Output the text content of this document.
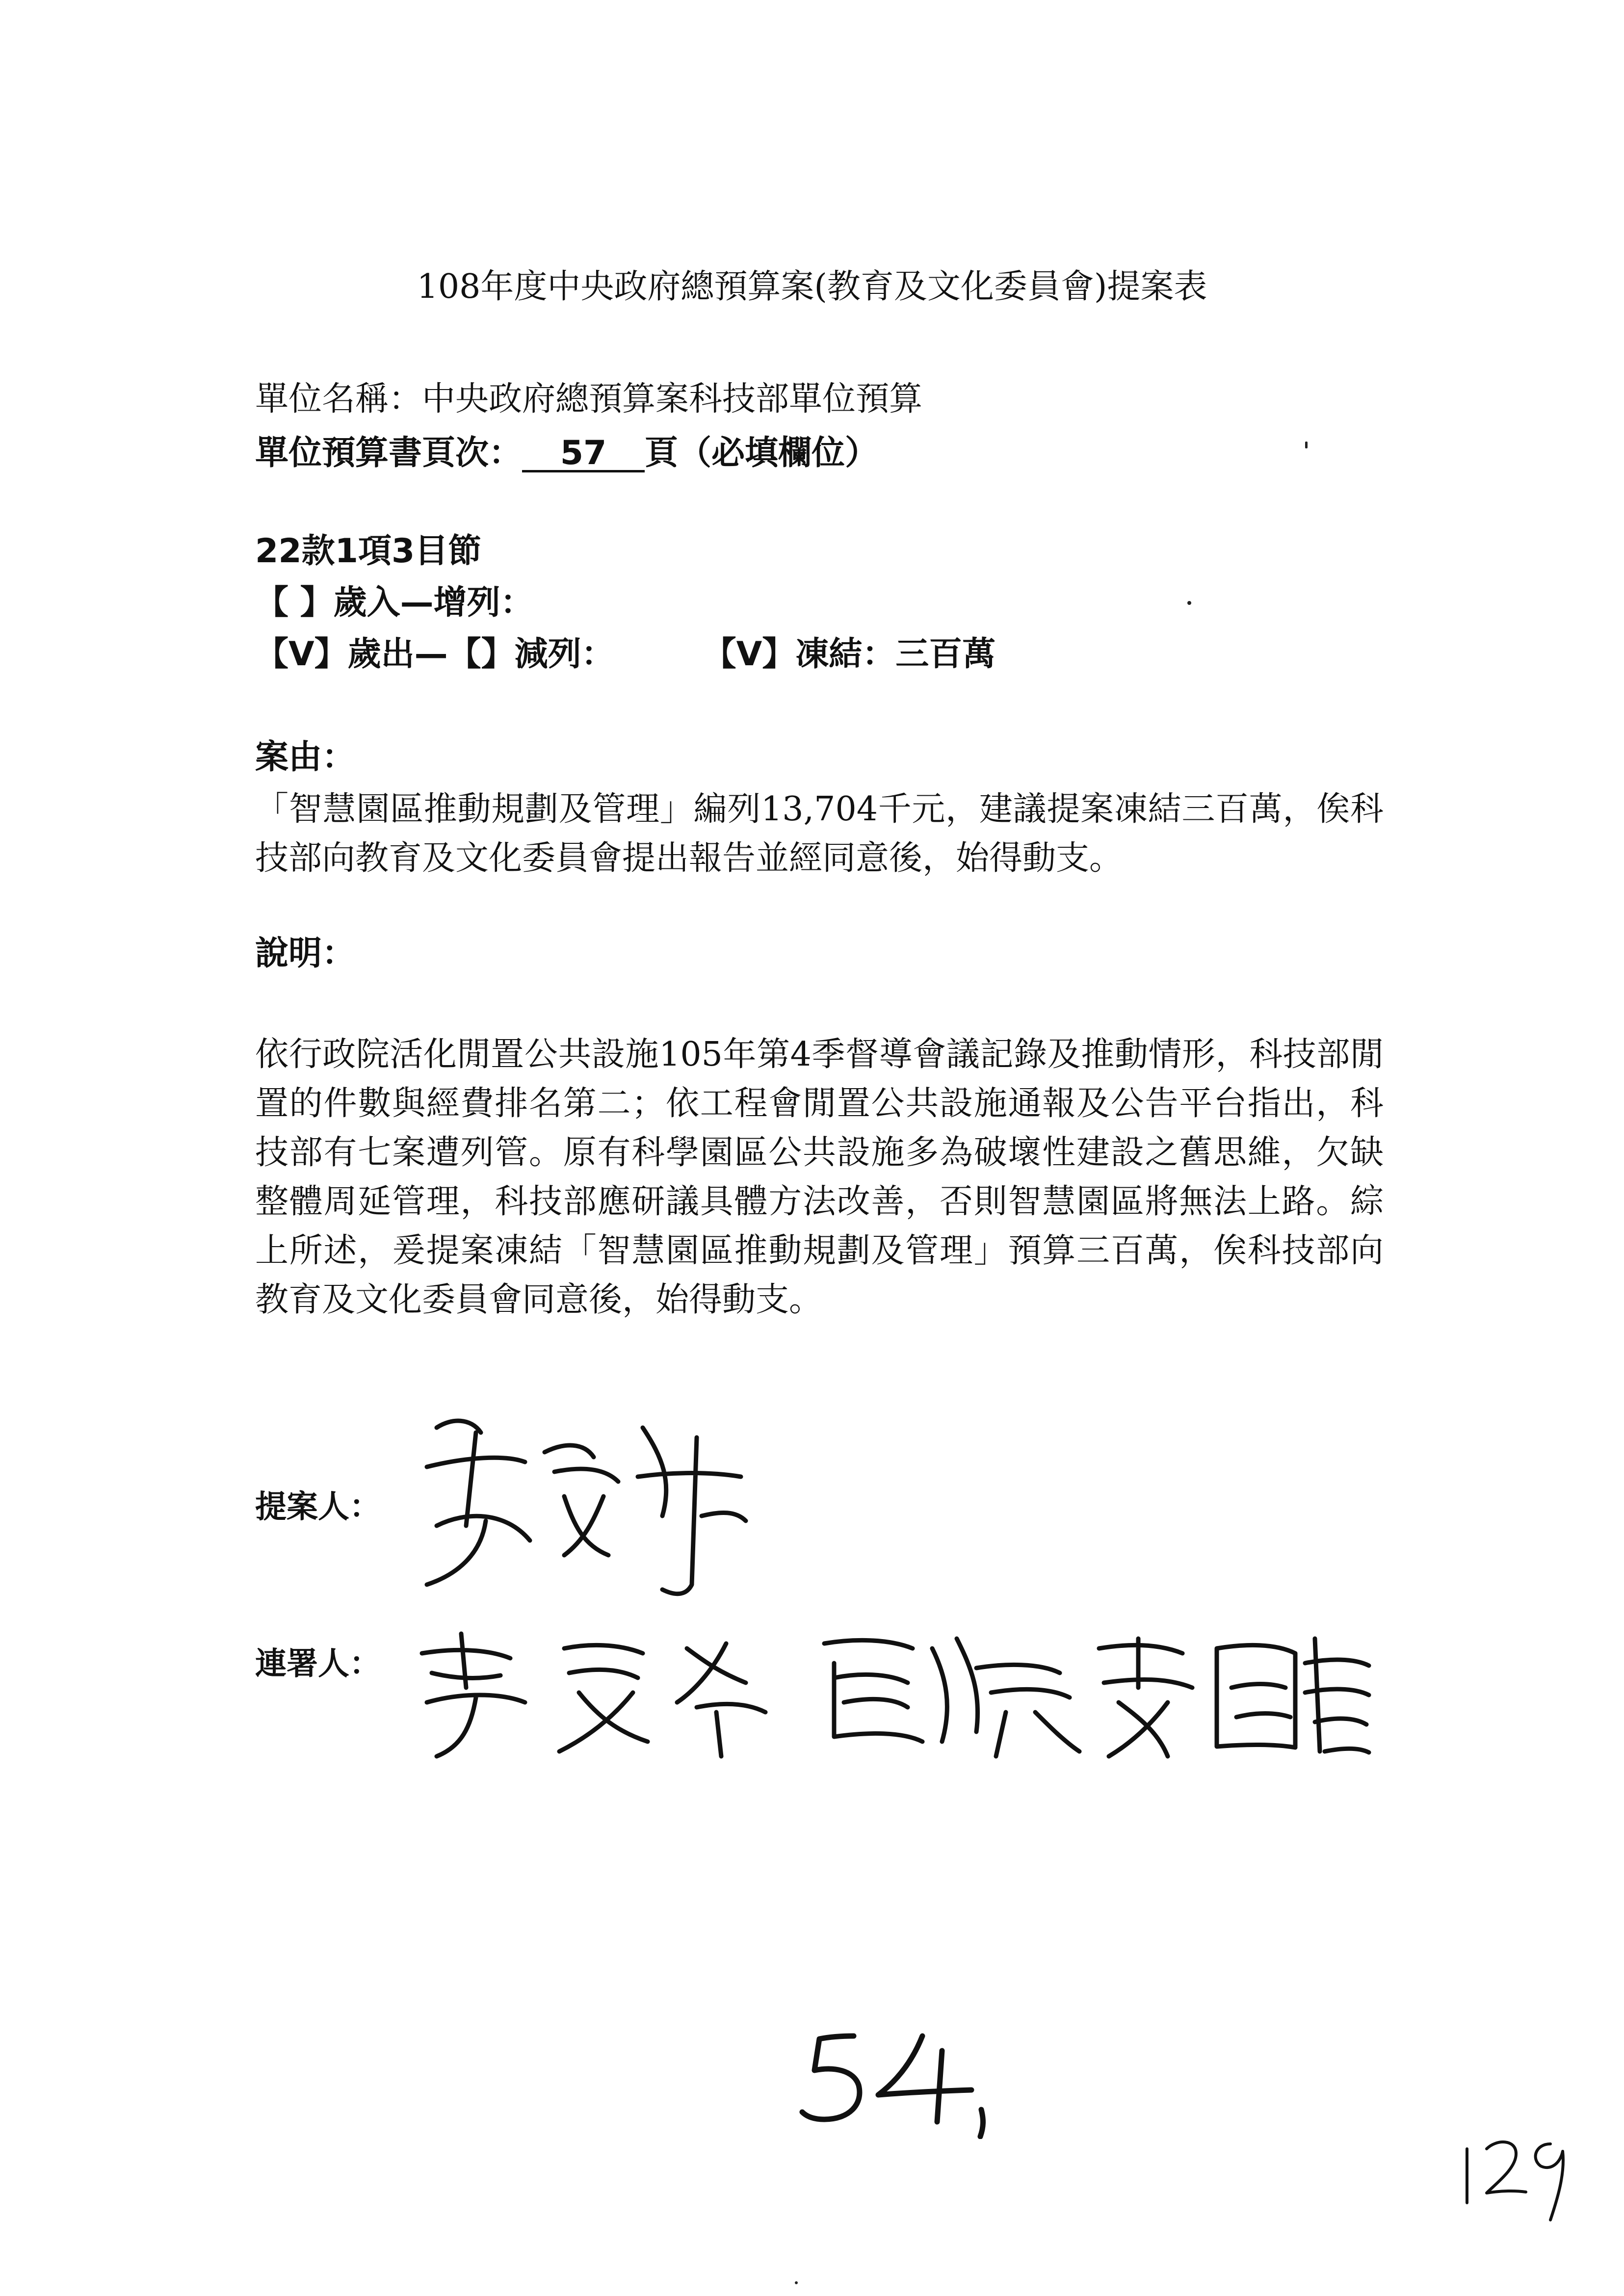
108年度中央政府總預算案(教育及文化委員會)提案表
單位名稱：中央政府總預算案科技部單位預算
單位預算書頁次： 57 頁（必填欄位）
22款1項3目節
【 】歲入—增列：
【V】歲出—【】減列：	【V】凍結：三百萬
案由：
「智慧園區推動規劃及管理」編列13,704千元，建議提案凍結三百萬，俟科技部向教育及文化委員會提出報告並經同意後，始得動支。
說明：
依行政院活化閒置公共設施105年第4季督導會議記錄及推動情形，科技部閒置的件數與經費排名第二；依工程會閒置公共設施通報及公告平台指出，科技部有七案遭列管。原有科學園區公共設施多為破壞性建設之舊思維，欠缺整體周延管理，科技部應研議具體方法改善，否則智慧園區將無法上路。綜上所述，爰提案凍結「智慧園區推動規劃及管理」預算三百萬，俟科技部向教育及文化委員會同意後，始得動支。
提案人：
連署人：
54,
129
